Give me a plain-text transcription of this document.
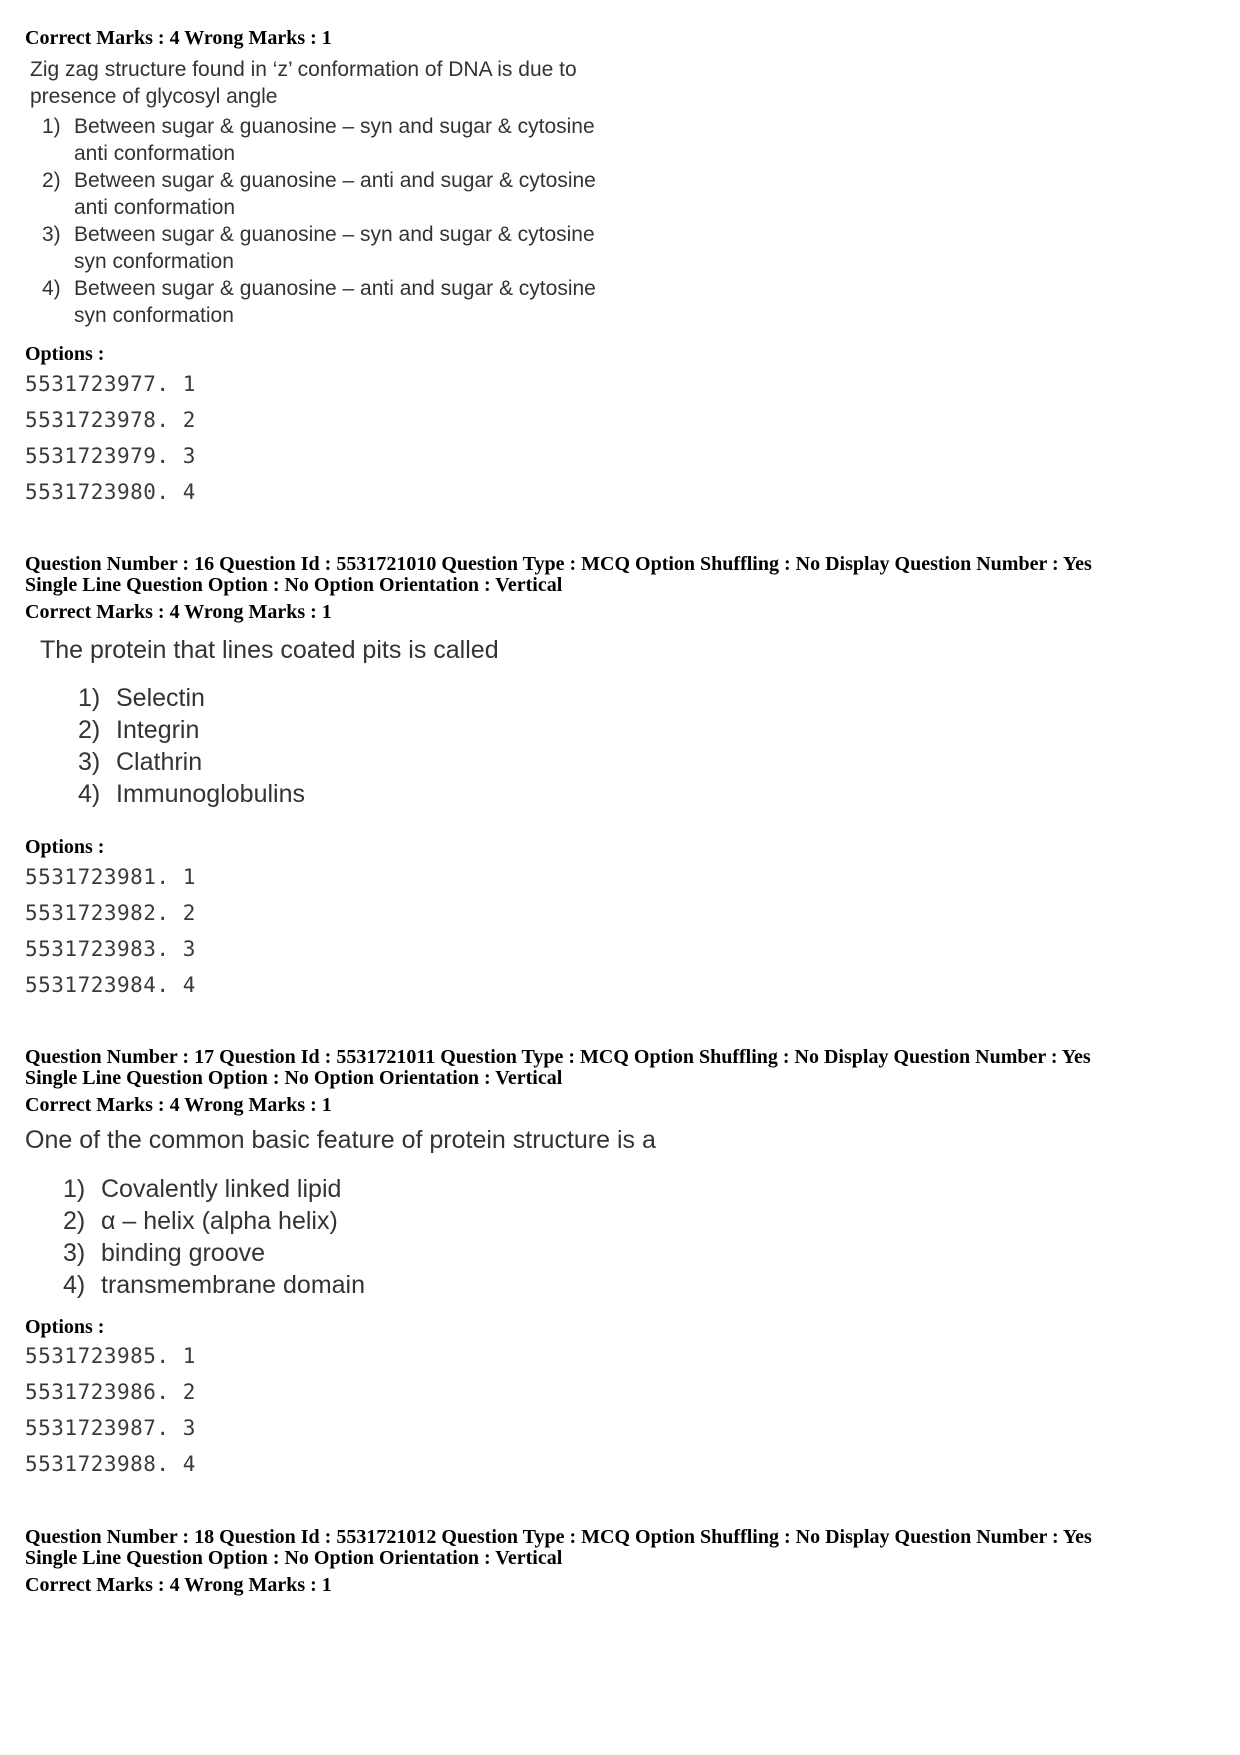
Correct Marks : 4 Wrong Marks : 1
Zig zag structure found in ‘z’ conformation of DNA is due to
presence of glycosyl angle
1) Between sugar & guanosine – syn and sugar & cytosine
anti conformation
2) Between sugar & guanosine – anti and sugar & cytosine
anti conformation
3) Between sugar & guanosine – syn and sugar & cytosine
syn conformation
4) Between sugar & guanosine – anti and sugar & cytosine
syn conformation
Options :
5531723977. 1
5531723978. 2
5531723979. 3
5531723980. 4
Question Number : 16 Question Id : 5531721010 Question Type : MCQ Option Shuffling : No Display Question Number : Yes
Single Line Question Option : No Option Orientation : Vertical
Correct Marks : 4 Wrong Marks : 1
The protein that lines coated pits is called
1) Selectin
2) Integrin
3) Clathrin
4) Immunoglobulins
Options :
5531723981. 1
5531723982. 2
5531723983. 3
5531723984. 4
Question Number : 17 Question Id : 5531721011 Question Type : MCQ Option Shuffling : No Display Question Number : Yes
Single Line Question Option : No Option Orientation : Vertical
Correct Marks : 4 Wrong Marks : 1
One of the common basic feature of protein structure is a
1) Covalently linked lipid
2) α – helix (alpha helix)
3) binding groove
4) transmembrane domain
Options :
5531723985. 1
5531723986. 2
5531723987. 3
5531723988. 4
Question Number : 18 Question Id : 5531721012 Question Type : MCQ Option Shuffling : No Display Question Number : Yes
Single Line Question Option : No Option Orientation : Vertical
Correct Marks : 4 Wrong Marks : 1
